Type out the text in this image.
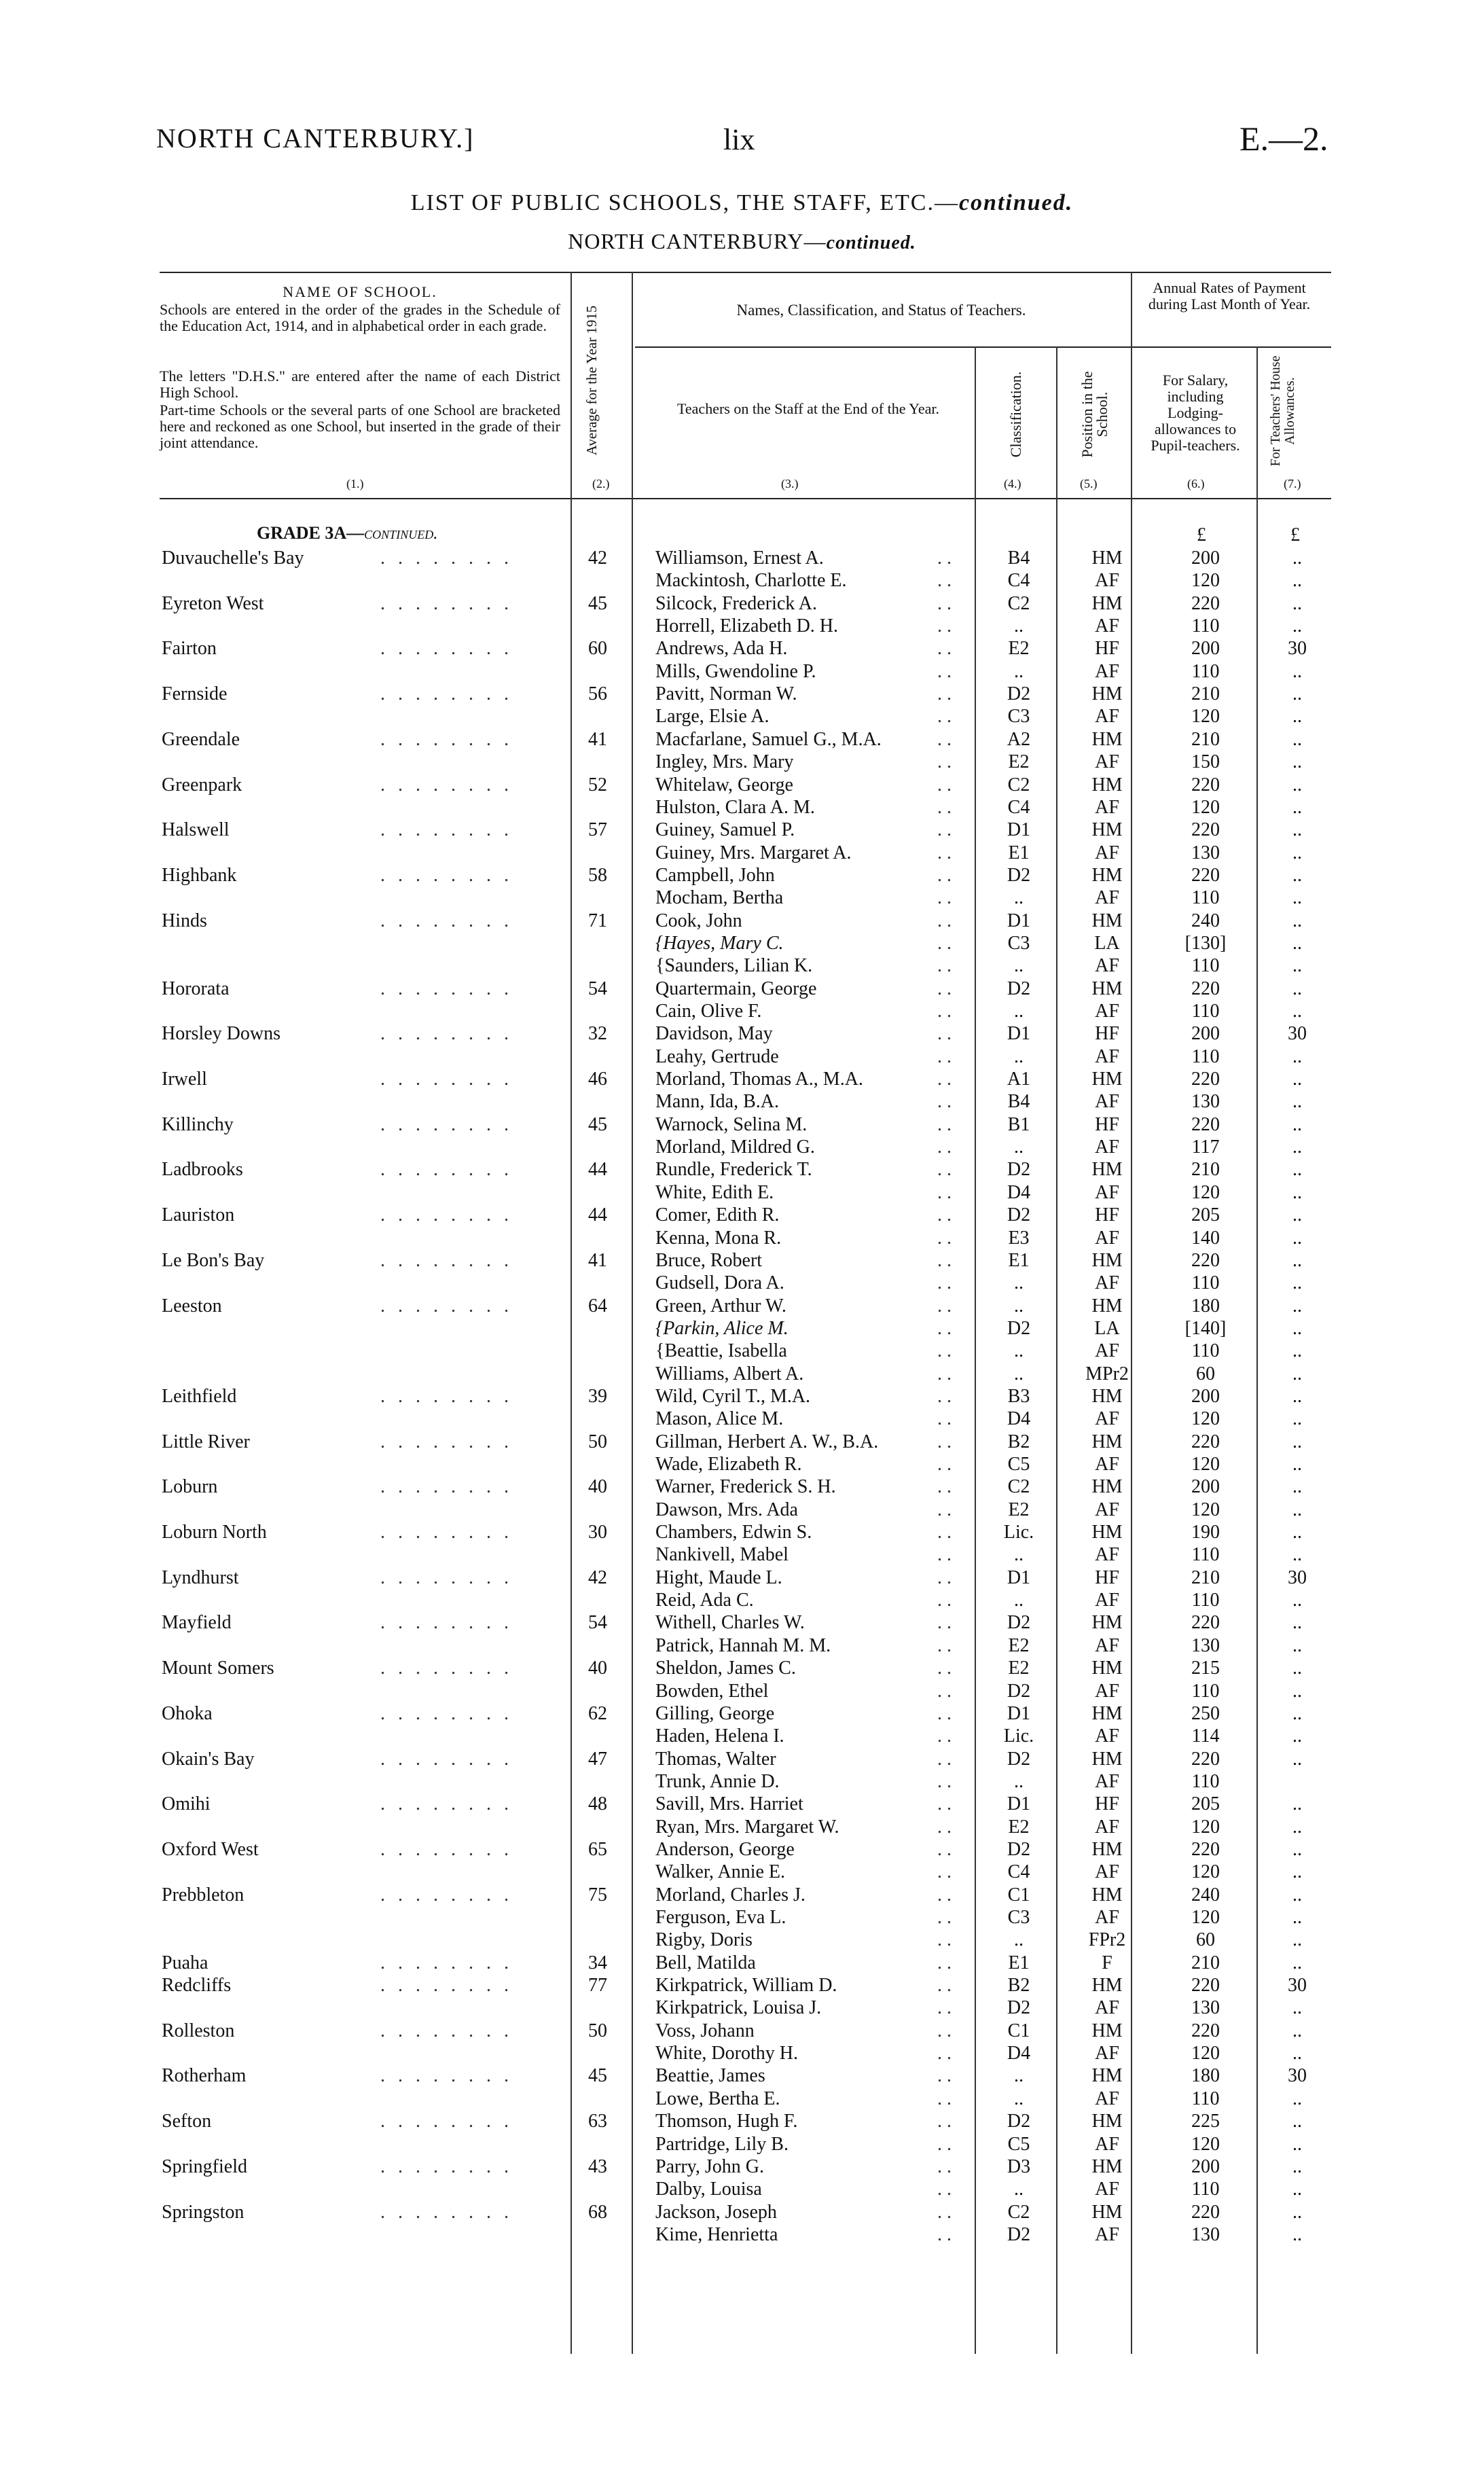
NORTH CANTERBURY.]	lix	E.—2.
LIST OF PUBLIC SCHOOLS, THE STAFF, ETC.—continued.
NORTH CANTERBURY—continued.
NAME OF SCHOOL.
Schools are entered in the order of the grades in the Schedule of the Education Act, 1914, and in alphabetical order in each grade.
The letters "D.H.S." are entered after the name of each District High School.
Part-time Schools or the several parts of one School are bracketed here and reckoned as one School, but inserted in the grade of their joint attendance.	Average for the Year 1915	Names, Classification, and Status of Teachers.
Teachers on the Staff at the End of the Year.	Classification.	Position in the School.
Annual Rates of Payment during Last Month of Year.
For Salary, including Lodging-allowances to Pupil-teachers.	For Teachers' House Allowances.
(1.)	(2.)	(3.)	(4.)	(5.)	(6.)	(7.)
GRADE 3A—continued.	£	£
Duvauchelle's Bay	42	Williamson, Ernest A.	B4	HM	200	..
. . . . . . . .	. .
Mackintosh, Charlotte E.	C4	AF	120	..
. .
Eyreton West	45	Silcock, Frederick A.	C2	HM	220	..
. . . . . . . .	. .
Horrell, Elizabeth D. H.	..	AF	110	..
. .
Fairton	60	Andrews, Ada H.	E2	HF	200	30
. . . . . . . .	. .
Mills, Gwendoline P.	..	AF	110	..
. .
Fernside	56	Pavitt, Norman W.	D2	HM	210	..
. . . . . . . .	. .
Large, Elsie A.	C3	AF	120	..
. .
Greendale	41	Macfarlane, Samuel G., M.A.	A2	HM	210	..
. . . . . . . .	. .
Ingley, Mrs. Mary	E2	AF	150	..
. .
Greenpark	52	Whitelaw, George	C2	HM	220	..
. . . . . . . .	. .
Hulston, Clara A. M.	C4	AF	120	..
. .
Halswell	57	Guiney, Samuel P.	D1	HM	220	..
. . . . . . . .	. .
Guiney, Mrs. Margaret A.	E1	AF	130	..
. .
Highbank	58	Campbell, John	D2	HM	220	..
. . . . . . . .	. .
Mocham, Bertha	..	AF	110	..
. .
Hinds	71	Cook, John	D1	HM	240	..
. . . . . . . .	. .
{Hayes, Mary C.	C3	LA	[130]	..
. .
{Saunders, Lilian K.	..	AF	110	..
. .
Hororata	54	Quartermain, George	D2	HM	220	..
. . . . . . . .	. .
Cain, Olive F.	..	AF	110	..
. .
Horsley Downs	32	Davidson, May	D1	HF	200	30
. . . . . . . .	. .
Leahy, Gertrude	..	AF	110	..
. .
Irwell	46	Morland, Thomas A., M.A.	A1	HM	220	..
. . . . . . . .	. .
Mann, Ida, B.A.	B4	AF	130	..
. .
Killinchy	45	Warnock, Selina M.	B1	HF	220	..
. . . . . . . .	. .
Morland, Mildred G.	..	AF	117	..
. .
Ladbrooks	44	Rundle, Frederick T.	D2	HM	210	..
. . . . . . . .	. .
White, Edith E.	D4	AF	120	..
. .
Lauriston	44	Comer, Edith R.	D2	HF	205	..
. . . . . . . .	. .
Kenna, Mona R.	E3	AF	140	..
. .
Le Bon's Bay	41	Bruce, Robert	E1	HM	220	..
. . . . . . . .	. .
Gudsell, Dora A.	..	AF	110	..
. .
Leeston	64	Green, Arthur W.	..	HM	180	..
. . . . . . . .	. .
{Parkin, Alice M.	D2	LA	[140]	..
. .
{Beattie, Isabella	..	AF	110	..
. .
Williams, Albert A.	..	MPr2	60	..
. .
Leithfield	39	Wild, Cyril T., M.A.	B3	HM	200	..
. . . . . . . .	. .
Mason, Alice M.	D4	AF	120	..
. .
Little River	50	Gillman, Herbert A. W., B.A.	B2	HM	220	..
. . . . . . . .	. .
Wade, Elizabeth R.	C5	AF	120	..
. .
Loburn	40	Warner, Frederick S. H.	C2	HM	200	..
. . . . . . . .	. .
Dawson, Mrs. Ada	E2	AF	120	..
. .
Loburn North	30	Chambers, Edwin S.	Lic.	HM	190	..
. . . . . . . .	. .
Nankivell, Mabel	..	AF	110	..
. .
Lyndhurst	42	Hight, Maude L.	D1	HF	210	30
. . . . . . . .	. .
Reid, Ada C.	..	AF	110	..
. .
Mayfield	54	Withell, Charles W.	D2	HM	220	..
. . . . . . . .	. .
Patrick, Hannah M. M.	E2	AF	130	..
. .
Mount Somers	40	Sheldon, James C.	E2	HM	215	..
. . . . . . . .	. .
Bowden, Ethel	D2	AF	110	..
. .
Ohoka	62	Gilling, George	D1	HM	250	..
. . . . . . . .	. .
Haden, Helena I.	Lic.	AF	114	..
. .
Okain's Bay	47	Thomas, Walter	D2	HM	220	..
. . . . . . . .	. .
Trunk, Annie D.	..	AF	110
. .
Omihi	48	Savill, Mrs. Harriet	D1	HF	205	..
. . . . . . . .	. .
Ryan, Mrs. Margaret W.	E2	AF	120	..
. .
Oxford West	65	Anderson, George	D2	HM	220	..
. . . . . . . .	. .
Walker, Annie E.	C4	AF	120	..
. .
Prebbleton	75	Morland, Charles J.	C1	HM	240	..
. . . . . . . .	. .
Ferguson, Eva L.	C3	AF	120	..
. .
Rigby, Doris	..	FPr2	60	..
. .
Puaha	34	Bell, Matilda	E1	F	210	..
. . . . . . . .	. .
Redcliffs	77	Kirkpatrick, William D.	B2	HM	220	30
. . . . . . . .	. .
Kirkpatrick, Louisa J.	D2	AF	130	..
. .
Rolleston	50	Voss, Johann	C1	HM	220	..
. . . . . . . .	. .
White, Dorothy H.	D4	AF	120	..
. .
Rotherham	45	Beattie, James	..	HM	180	30
. . . . . . . .	. .
Lowe, Bertha E.	..	AF	110	..
. .
Sefton	63	Thomson, Hugh F.	D2	HM	225	..
. . . . . . . .	. .
Partridge, Lily B.	C5	AF	120	..
. .
Springfield	43	Parry, John G.	D3	HM	200	..
. . . . . . . .	. .
Dalby, Louisa	..	AF	110	..
. .
Springston	68	Jackson, Joseph	C2	HM	220	..
. . . . . . . .	. .
Kime, Henrietta	D2	AF	130	..
. .
